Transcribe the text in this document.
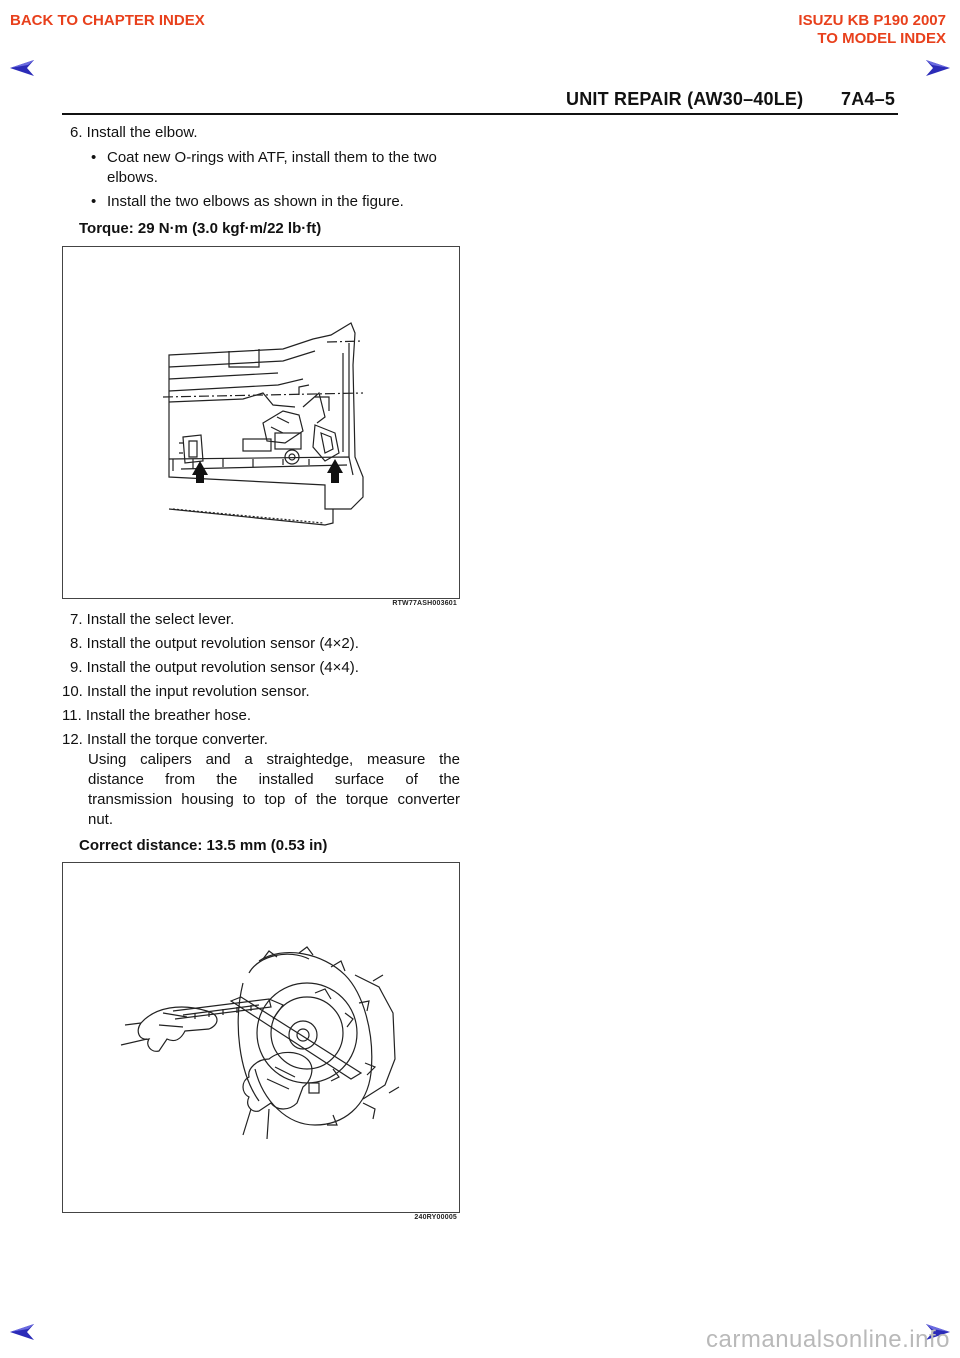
BACK TO CHAPTER INDEX	ISUZU KB P190 2007
TO MODEL INDEX
UNIT REPAIR (AW30–40LE) 7A4–5
6. Install the elbow.
• Coat new O-rings with ATF, install them to the two
elbows.
• Install the two elbows as shown in the figure.
Torque: 29 N·m (3.0 kgf·m/22 lb·ft)
RTW77ASH003601
7. Install the select lever.
8. Install the output revolution sensor (4×2).
9. Install the output revolution sensor (4×4).
10. Install the input revolution sensor.
11. Install the breather hose.
12. Install the torque converter.
Using calipers and a straightedge, measure the
distance from the installed surface of the
transmission housing to top of the torque converter
nut.
Correct distance: 13.5 mm (0.53 in)
240RY00005
carmanualsonline.info
